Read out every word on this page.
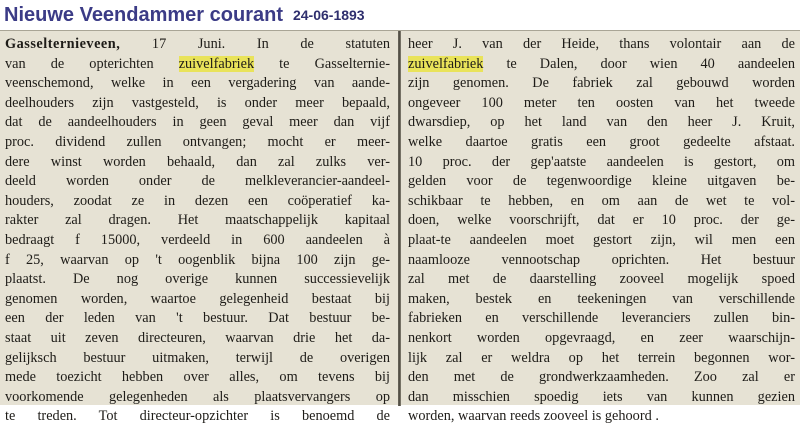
Nieuwe Veendammer courant 24-06-1893
Gasselternieveen, 17 Juni. In de statuten
van de opterichten zuivelfabriek te Gasselternie-
veenschemond, welke in een vergadering van aande-
deelhouders zijn vastgesteld, is onder meer bepaald,
dat de aandeelhouders in geen geval meer dan vijf
proc. dividend zullen ontvangen; mocht er meer-
dere winst worden behaald, dan zal zulks ver-
deeld worden onder de melkleverancier-aandeel-
houders, zoodat ze in dezen een coöperatief ka-
rakter zal dragen. Het maatschappelijk kapitaal
bedraagt f 15000, verdeeld in 600 aandeelen à
f 25, waarvan op 't oogenblik bijna 100 zijn ge-
plaatst. De nog overige kunnen successievelijk
genomen worden, waartoe gelegenheid bestaat bij
een der leden van 't bestuur. Dat bestuur be-
staat uit zeven directeuren, waarvan drie het da-
gelijksch bestuur uitmaken, terwijl de overigen
mede toezicht hebben over alles, om tevens bij
voorkomende gelegenheden als plaatsvervangers op
te treden. Tot directeur-opzichter is benoemd de
heer J. van der Heide, thans volontair aan de
zuivelfabriek te Dalen, door wien 40 aandeelen
zijn genomen. De fabriek zal gebouwd worden
ongeveer 100 meter ten oosten van het tweede
dwarsdiep, op het land van den heer J. Kruit,
welke daartoe gratis een groot gedeelte afstaat.
10 proc. der gep'aatste aandeelen is gestort, om
gelden voor de tegenwoordige kleine uitgaven be-
schikbaar te hebben, en om aan de wet te vol-
doen, welke voorschrijft, dat er 10 proc. der ge-
plaat-te aandeelen moet gestort zijn, wil men een
naamlooze vennootschap oprichten. Het bestuur
zal met de daarstelling zooveel mogelijk spoed
maken, bestek en teekeningen van verschillende
fabrieken en verschillende leveranciers zullen bin-
nenkort worden opgevraagd, en zeer waarschijn-
lijk zal er weldra op het terrein begonnen wor-
den met de grondwerkzaamheden. Zoo zal er
dan misschien spoedig iets van kunnen gezien
worden, waarvan reeds zooveel is gehoord .
